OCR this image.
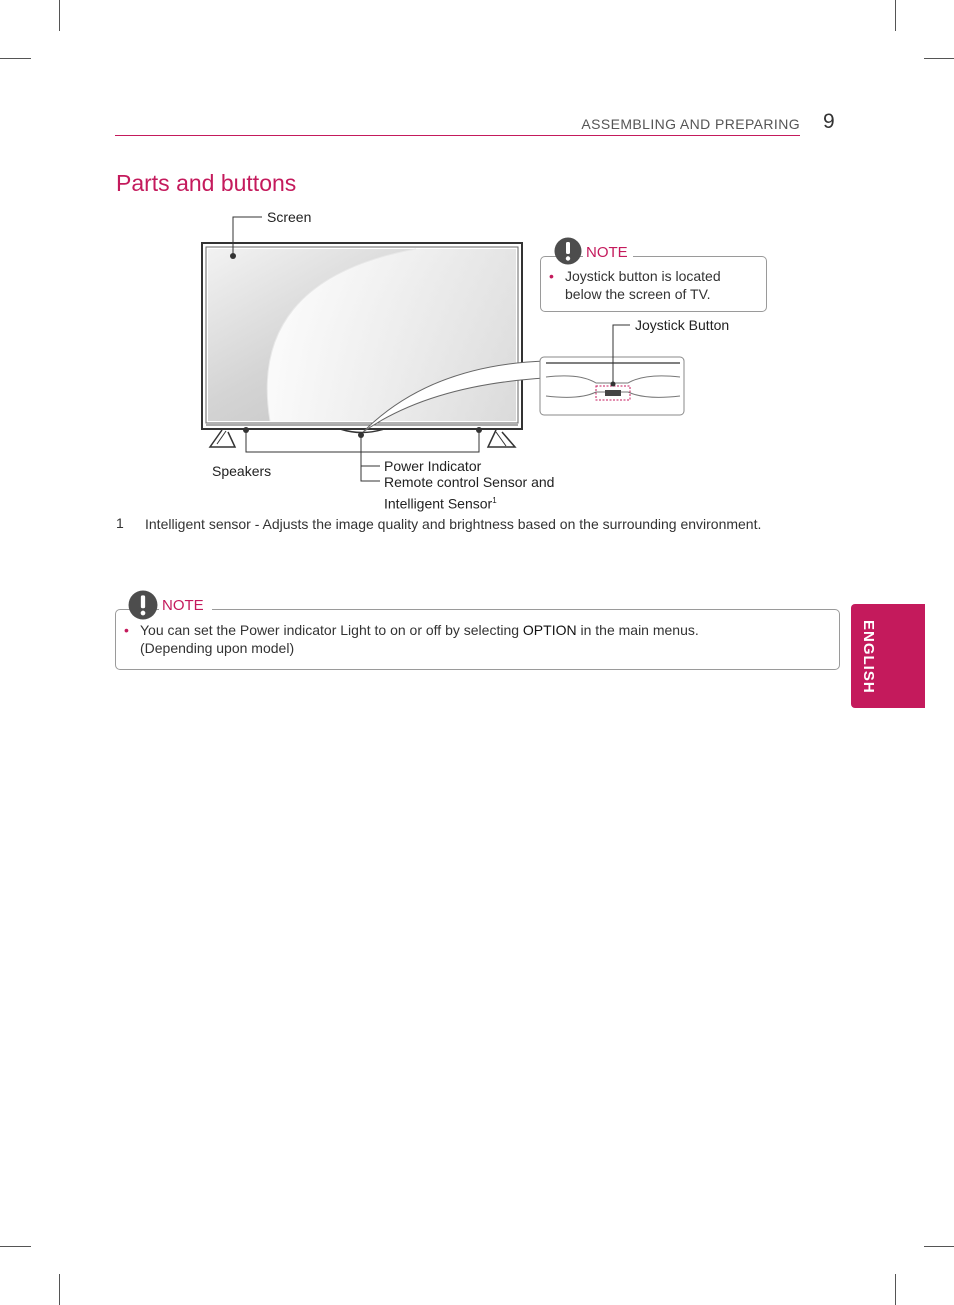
ASSEMBLING AND PREPARING 9
Parts and buttons
Screen
Joystick Button
Speakers	Power Indicator
Remote control Sensor and
Intelligent Sensor$^1$
NOTE
• Joystick button is located
below the screen of TV.
1 Intelligent sensor - Adjusts the image quality and brightness based on the surrounding environment.
NOTE
• You can set the Power indicator Light to on or off by selecting OPTION in the main menus.
(Depending upon model)	ENGLISH
